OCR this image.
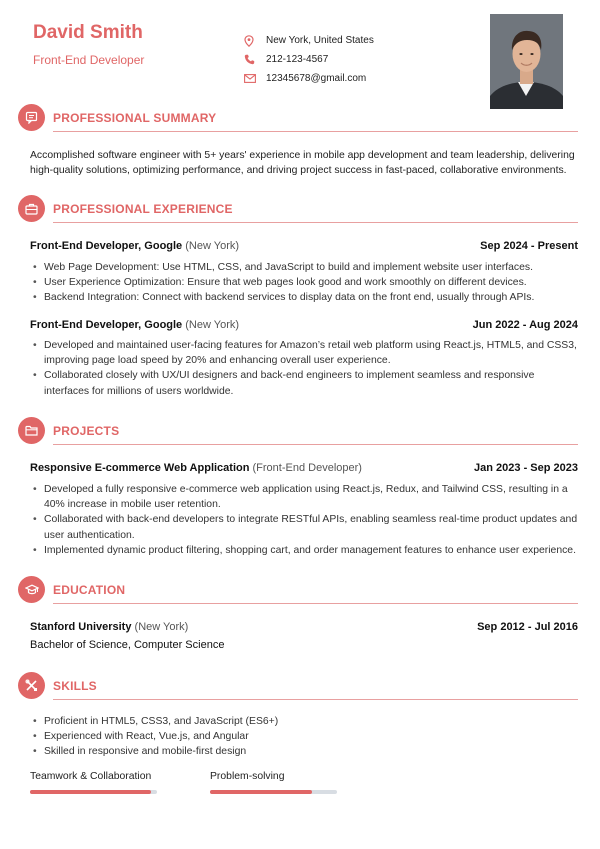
David Smith
Front-End Developer
New York, United States
212-123-4567
12345678@gmail.com
PROFESSIONAL SUMMARY
Accomplished software engineer with 5+ years' experience in mobile app development and team leadership, delivering
high-quality solutions, optimizing performance, and driving project success in fast-paced, collaborative environments.
PROFESSIONAL EXPERIENCE
Front-End Developer, Google (New York)	Sep 2024 - Present
• Web Page Development: Use HTML, CSS, and JavaScript to build and implement website user interfaces.
• User Experience Optimization: Ensure that web pages look good and work smoothly on different devices.
• Backend Integration: Connect with backend services to display data on the front end, usually through APIs.
Front-End Developer, Google (New York)	Jun 2022 - Aug 2024
• Developed and maintained user-facing features for Amazon’s retail web platform using React.js, HTML5, and CSS3, improving page load speed by 20% and enhancing overall user experience.
• Collaborated closely with UX/UI designers and back-end engineers to implement seamless and responsive interfaces for millions of users worldwide.
PROJECTS
Responsive E-commerce Web Application (Front-End Developer)	Jan 2023 - Sep 2023
• Developed a fully responsive e-commerce web application using React.js, Redux, and Tailwind CSS, resulting in a 40% increase in mobile user retention.
• Collaborated with back-end developers to integrate RESTful APIs, enabling seamless real-time product updates and user authentication.
• Implemented dynamic product filtering, shopping cart, and order management features to enhance user experience.
EDUCATION
Stanford University (New York)	Sep 2012 - Jul 2016
Bachelor of Science, Computer Science
SKILLS
• Proficient in HTML5, CSS3, and JavaScript (ES6+)
• Experienced with React, Vue.js, and Angular
• Skilled in responsive and mobile-first design
Teamwork & Collaboration	Problem-solving
